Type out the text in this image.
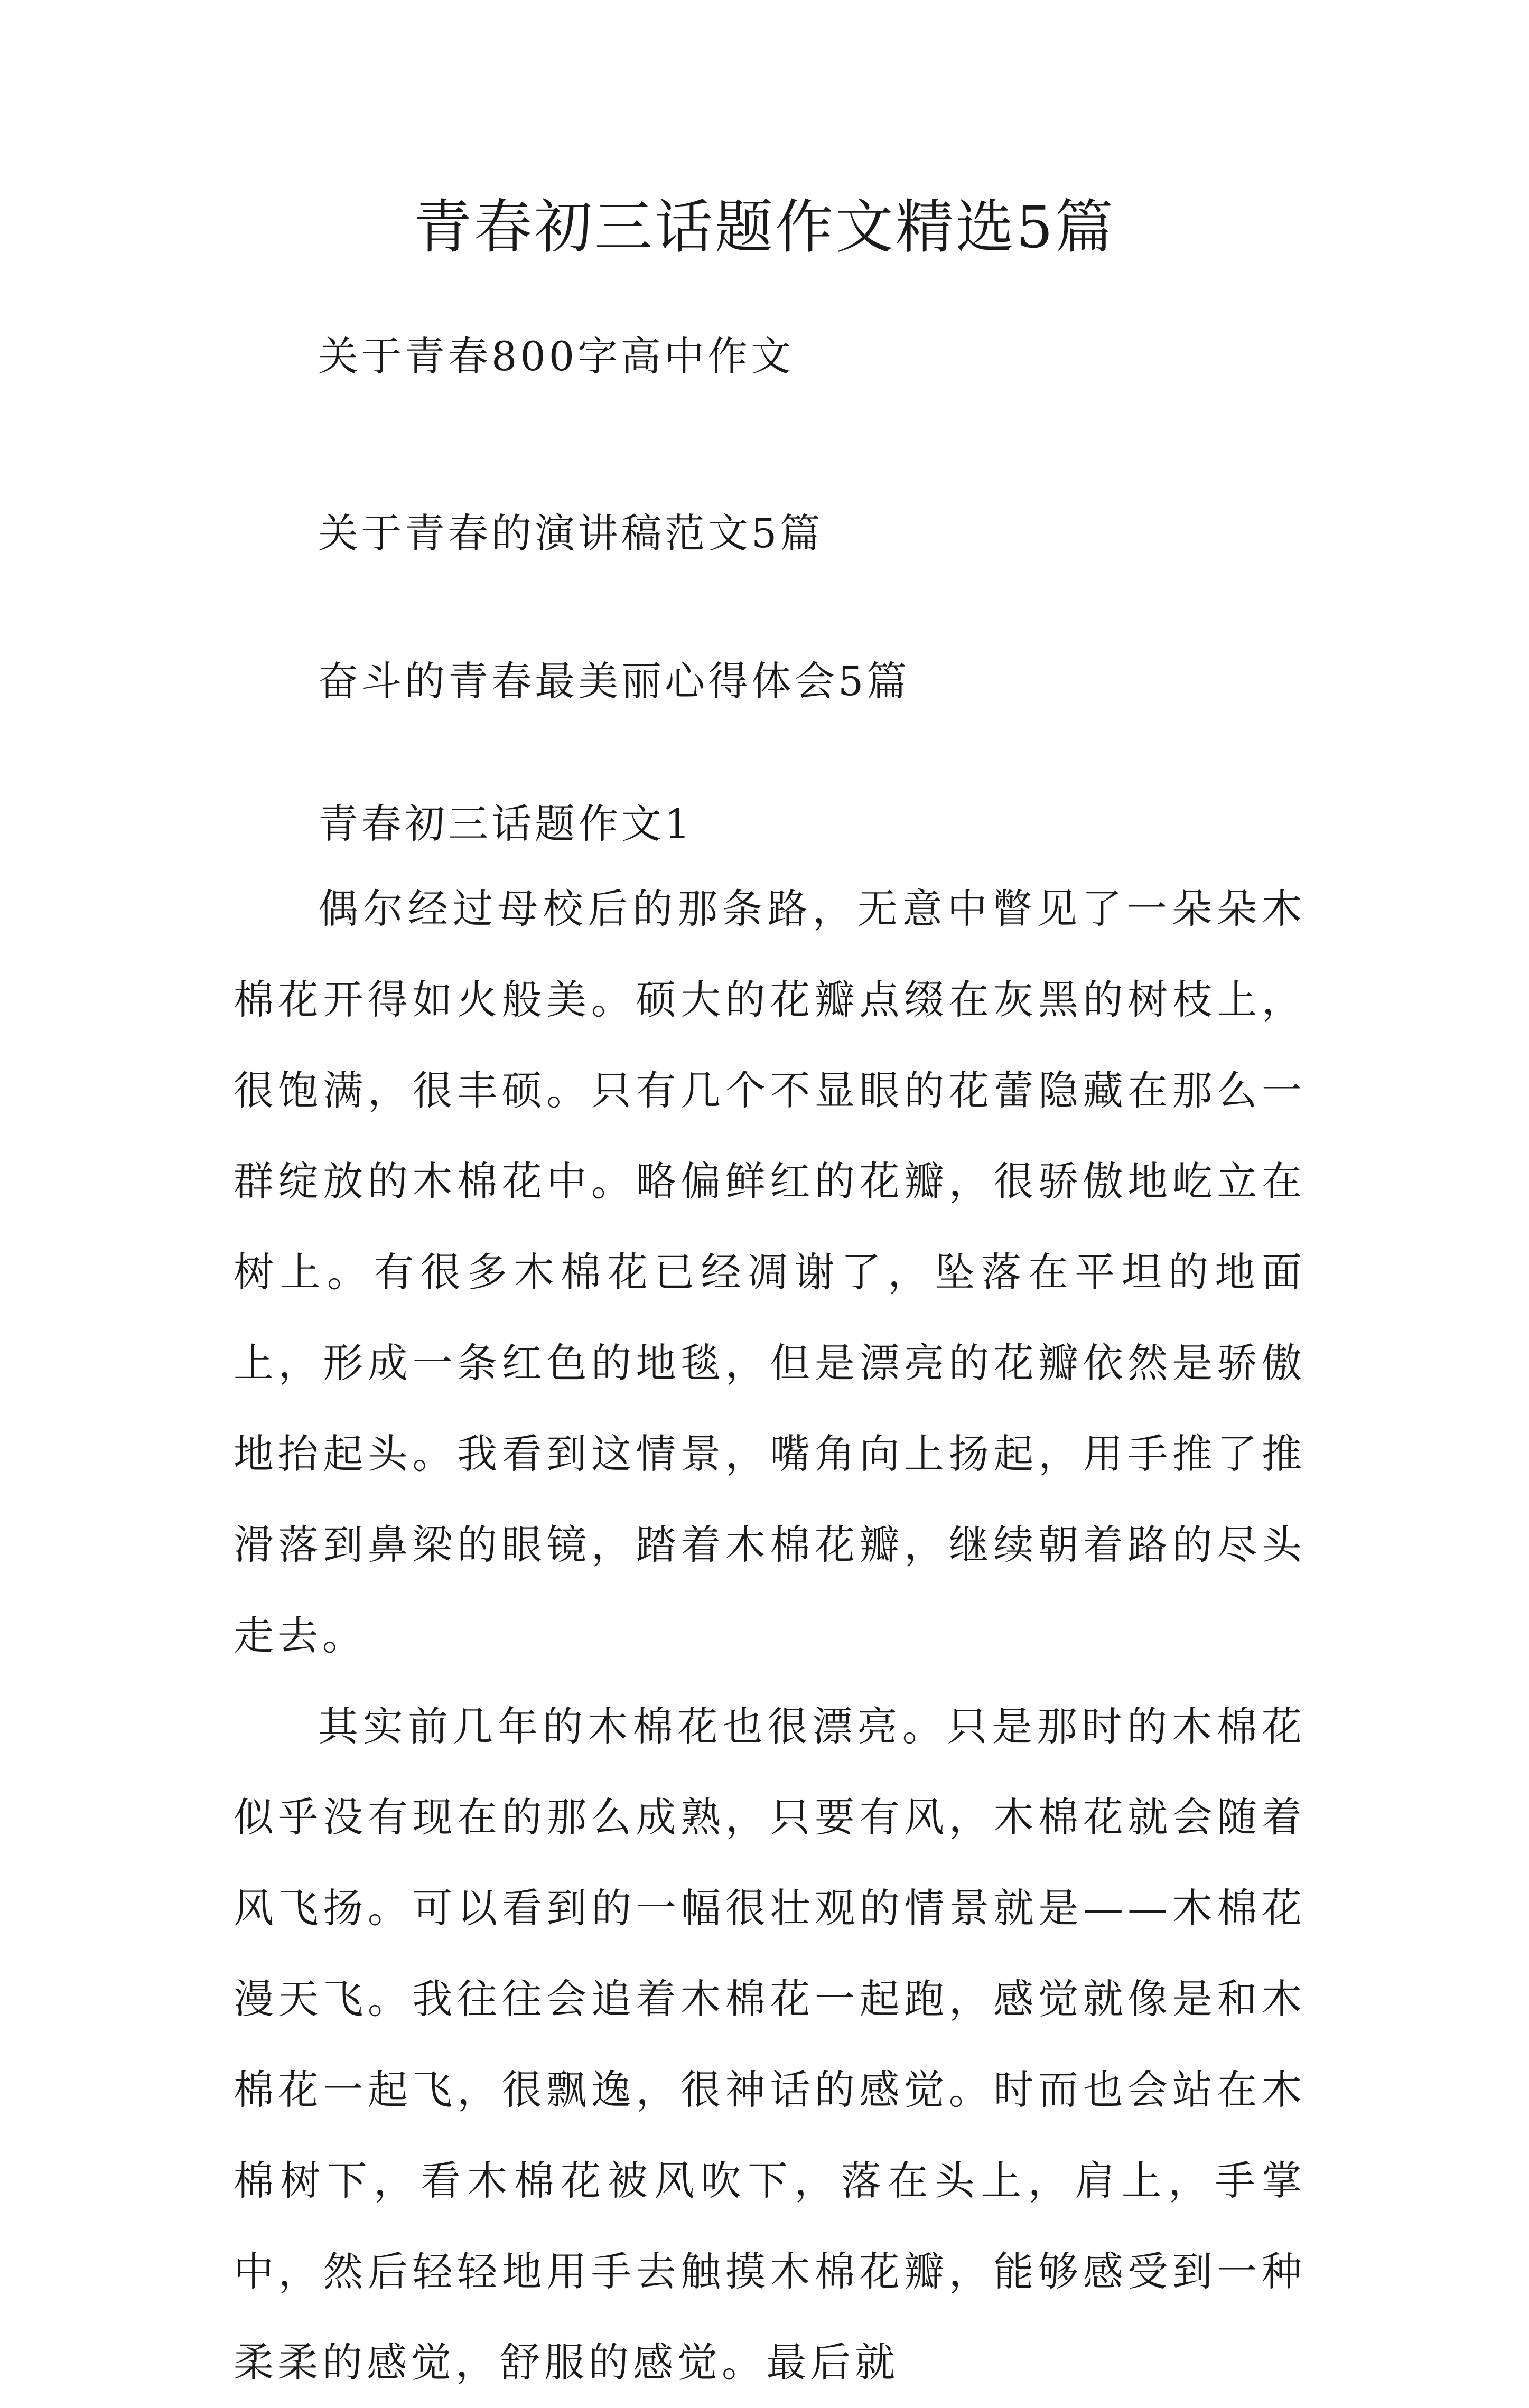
青春初三话题作文精选5篇
关于青春800字高中作文
关于青春的演讲稿范文5篇
奋斗的青春最美丽心得体会5篇
青春初三话题作文1

偶尔经过母校后的那条路，无意中瞥见了一朵朵木棉花开得如火般美。硕大的花瓣点缀在灰黑的树枝上，很饱满，很丰硕。只有几个不显眼的花蕾隐藏在那么一群绽放的木棉花中。略偏鲜红的花瓣，很骄傲地屹立在树上。有很多木棉花已经凋谢了，坠落在平坦的地面上，形成一条红色的地毯，但是漂亮的花瓣依然是骄傲地抬起头。我看到这情景，嘴角向上扬起，用手推了推滑落到鼻梁的眼镜，踏着木棉花瓣，继续朝着路的尽头走去。

其实前几年的木棉花也很漂亮。只是那时的木棉花似乎没有现在的那么成熟，只要有风，木棉花就会随着风飞扬。可以看到的一幅很壮观的情景就是——木棉花漫天飞。我往往会追着木棉花一起跑，感觉就像是和木棉花一起飞，很飘逸，很神话的感觉。时而也会站在木棉树下，看木棉花被风吹下，落在头上，肩上，手掌中，然后轻轻地用手去触摸木棉花瓣，能够感受到一种柔柔的感觉，舒服的感觉。最后就
